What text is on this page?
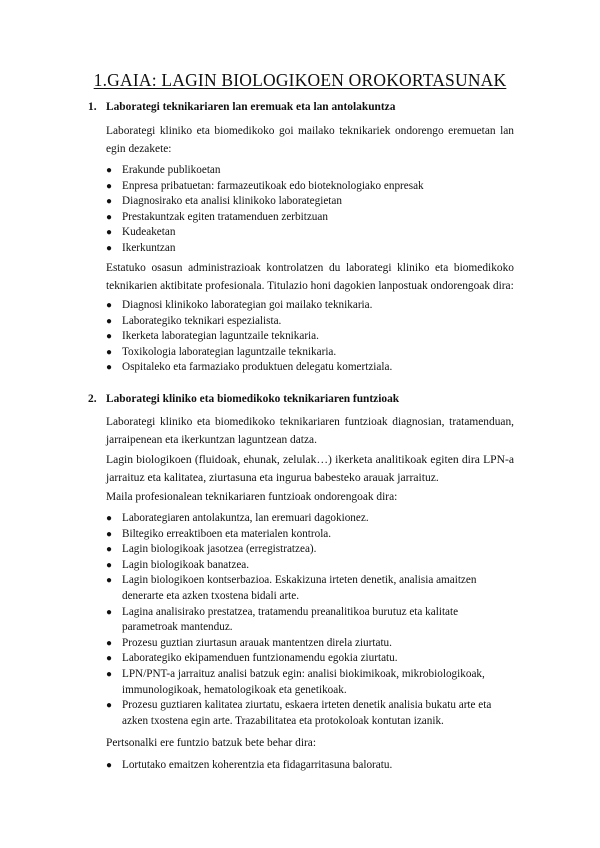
1.GAIA: LAGIN BIOLOGIKOEN OROKORTASUNAK
1. Laborategi teknikariaren lan eremuak eta lan antolakuntza

Laborategi kliniko eta biomedikoko goi mailako teknikariek ondorengo eremuetan lan egin dezakete:

● Erakunde publikoetan
● Enpresa pribatuetan: farmazeutikoak edo bioteknologiako enpresak
● Diagnosirako eta analisi klinikoko laborategietan
● Prestakuntzak egiten tratamenduen zerbitzuan
● Kudeaketan
● Ikerkuntzan

Estatuko osasun administrazioak kontrolatzen du laborategi kliniko eta biomedikoko teknikarien aktibitate profesionala. Titulazio honi dagokien lanpostuak ondorengoak dira:

● Diagnosi klinikoko laborategian goi mailako teknikaria.
● Laborategiko teknikari espezialista.
● Ikerketa laborategian laguntzaile teknikaria.
● Toxikologia laborategian laguntzaile teknikaria.
● Ospitaleko eta farmaziako produktuen delegatu komertziala.
2. Laborategi kliniko eta biomedikoko teknikariaren funtzioak

Laborategi kliniko eta biomedikoko teknikariaren funtzioak diagnosian, tratamenduan, jarraipenean eta ikerkuntzan laguntzean datza.

Lagin biologikoen (fluidoak, ehunak, zelulak…) ikerketa analitikoak egiten dira LPN-a jarraituz eta kalitatea, ziurtasuna eta ingurua babesteko arauak jarraituz.

Maila profesionalean teknikariaren funtzioak ondorengoak dira:

● Laborategiaren antolakuntza, lan eremuari dagokionez.
● Biltegiko erreaktiboen eta materialen kontrola.
● Lagin biologikoak jasotzea (erregistratzea).
● Lagin biologikoak banatzea.
● Lagin biologikoen kontserbazioa. Eskakizuna irteten denetik, analisia amaitzen denerarte eta azken txostena bidali arte.
● Lagina analisirako prestatzea, tratamendu preanalitikoa burutuz eta kalitate parametroak mantenduz.
● Prozesu guztian ziurtasun arauak mantentzen direla ziurtatu.
● Laborategiko ekipamenduen funtzionamendu egokia ziurtatu.
● LPN/PNT-a jarraituz analisi batzuk egin: analisi biokimikoak, mikrobiologikoak, immunologikoak, hematologikoak eta genetikoak.
● Prozesu guztiaren kalitatea ziurtatu, eskaera irteten denetik analisia bukatu arte eta azken txostena egin arte. Trazabilitatea eta protokoloak kontutan izanik.

Pertsonalki ere funtzio batzuk bete behar dira:

● Lortutako emaitzen koherentzia eta fidagarritasuna baloratu.
